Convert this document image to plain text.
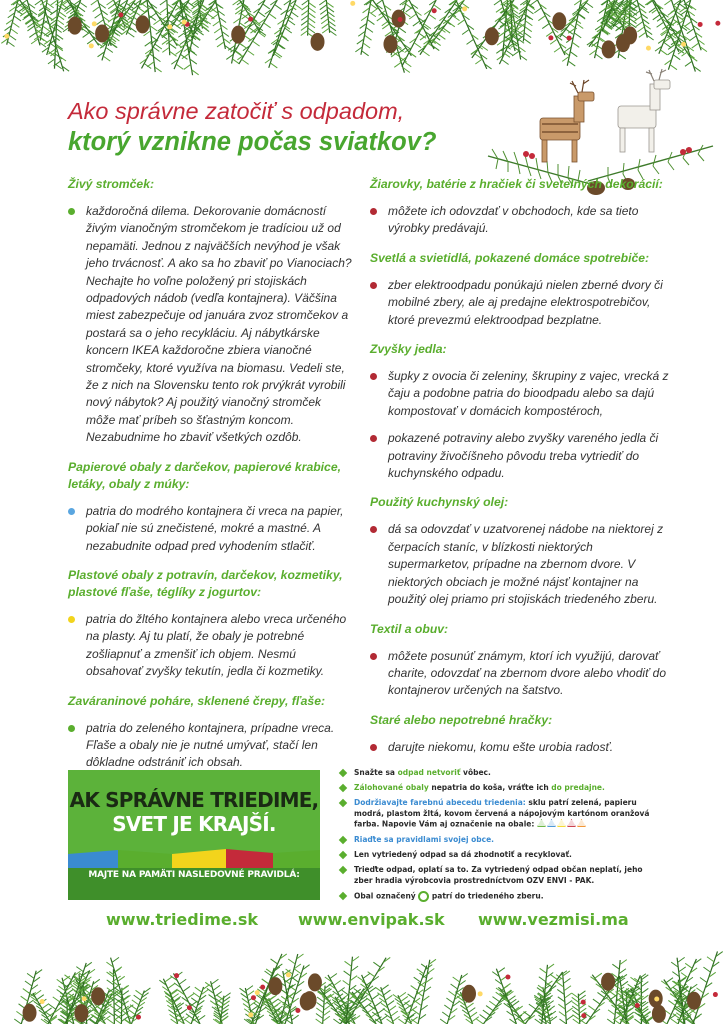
Ako správne zatočiť s odpadom,
ktorý vznikne počas sviatkov?
Živý stromček:
každoročná dilema. Dekorovanie domácností živým vianočným stromčekom je tradíciou už od nepamäti. Jednou z najväčších nevýhod je však jeho trvácnosť. A ako sa ho zbaviť po Vianociach? Nechajte ho voľne položený pri stojiskách odpadových nádob (vedľa kontajnera). Väčšina miest zabezpečuje od januára zvoz stromčekov a postará sa o jeho recykláciu. Aj nábytkárske koncern IKEA každoročne zbiera vianočné stromčeky, ktoré využíva na biomasu. Vedeli ste, že z nich na Slovensku tento rok prvýkrát vyrobili nový nábytok? Aj použitý vianočný stromček môže mať príbeh so šťastným koncom. Nezabudnime ho zbaviť všetkých ozdôb.
Papierové obaly z darčekov, papierové krabice, letáky, obaly z múky:
patria do modrého kontajnera či vreca na papier, pokiaľ nie sú znečistené, mokré a mastné. A nezabudnite odpad pred vyhodením stlačiť.
Plastové obaly z potravín, darčekov, kozmetiky, plastové fľaše, téglíky z jogurtov:
patria do žltého kontajnera alebo vreca určeného na plasty. Aj tu platí, že obaly je potrebné zošliapnuť a zmenšiť ich objem. Nesmú obsahovať zvyšky tekutín, jedla či kozmetiky.
Zaváraninové poháre, sklenené črepy, fľaše:
patria do zeleného kontajnera, prípadne vreca. Fľaše a obaly nie je nutné umývať, stačí len dôkladne odstrániť ich obsah.
Žiarovky, batérie z hračiek či svetelných dekorácií:
môžete ich odovzdať v obchodoch, kde sa tieto výrobky predávajú.
Svetlá a svietidlá, pokazené domáce spotrebiče:
zber elektroodpadu ponúkajú nielen zberné dvory či mobilné zbery, ale aj predajne elektrospotrebičov, ktoré prevezmú elektroodpad bezplatne.
Zvyšky jedla:
šupky z ovocia či zeleniny, škrupiny z vajec, vrecká z čaju a podobne patria do bioodpadu alebo sa dajú kompostovať v domácich kompostéroch,
pokazené potraviny alebo zvyšky vareného jedla či potraviny živočíšneho pôvodu treba vytriediť do kuchynského odpadu.
Použitý kuchynský olej:
dá sa odovzdať v uzatvorenej nádobe na niektorej z čerpacích staníc, v blízkosti niektorých supermarketov, prípadne na zbernom dvore. V niektorých obciach je možné nájsť kontajner na použitý olej priamo pri stojiskách triedeného zberu.
Textil a obuv:
môžete posunúť známym, ktorí ich využijú, darovať charite, odovzdať na zbernom dvore alebo vhodiť do kontajnerov určených na šatstvo.
Staré alebo nepotrebné hračky:
darujte niekomu, komu ešte urobia radosť.
AK SPRÁVNE TRIEDIME,
SVET JE KRAJŠÍ.
MAJTE NA PAMÄTI NASLEDOVNÉ PRAVIDLÁ:
Snažte sa odpad netvoriť vôbec.
Zálohované obaly nepatria do koša, vráťte ich do predajne.
Dodržiavajte farebnú abecedu triedenia: sklu patrí zelená, papieru modrá, plastom žltá, kovom červená a nápojovým kartónom oranžová farba. Napovie Vám aj označenie na obale:
Riaďte sa pravidlami svojej obce.
Len vytriedený odpad sa dá zhodnotiť a recyklovať.
Trieďte odpad, oplatí sa to. Za vytriedený odpad občan neplatí, jeho zber hradia výrobcovia prostredníctvom OZV ENVI - PAK.
Obal označený  patrí do triedeného zberu.
www.triedime.sk	www.envipak.sk www.vezmisi.ma
